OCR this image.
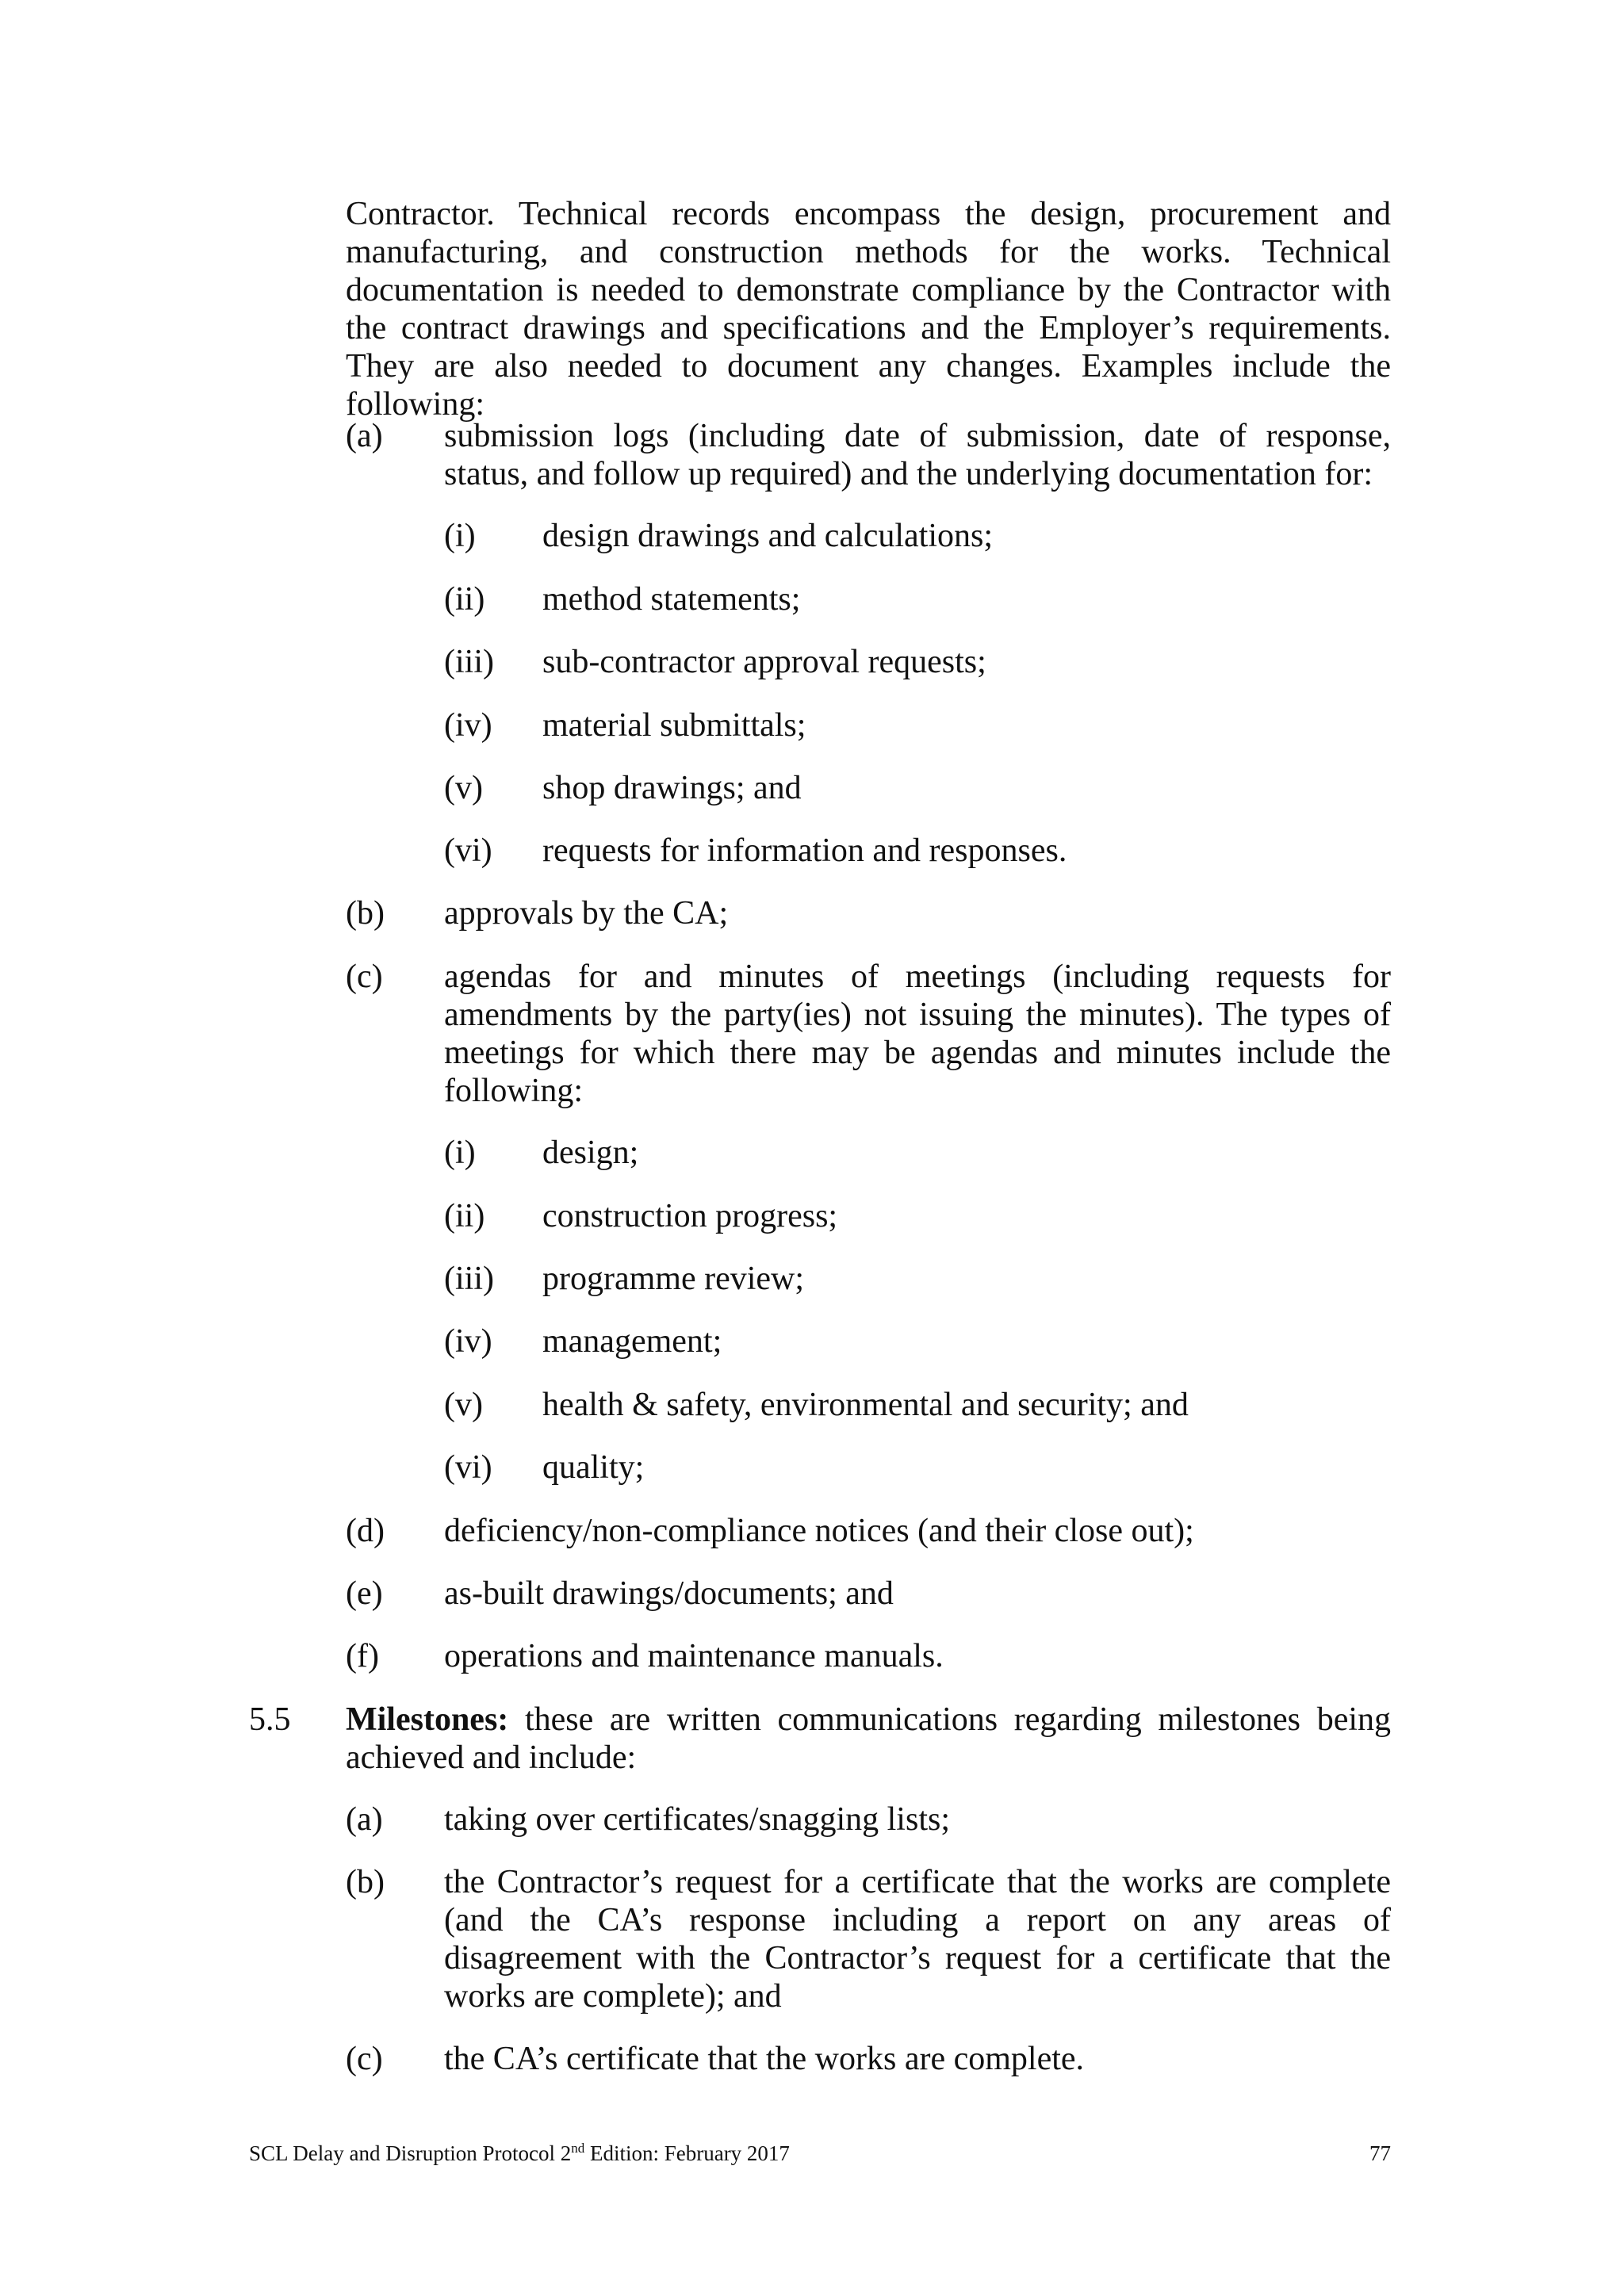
Contractor. Technical records encompass the design, procurement and manufacturing, and construction methods for the works. Technical documentation is needed to demonstrate compliance by the Contractor with the contract drawings and specifications and the Employer’s requirements. They are also needed to document any changes. Examples include the following:

(a) submission logs (including date of submission, date of response, status, and follow up required) and the underlying documentation for:
(i) design drawings and calculations;
(ii) method statements;
(iii) sub-contractor approval requests;
(iv) material submittals;
(v) shop drawings; and
(vi) requests for information and responses.
(b) approvals by the CA;
(c) agendas for and minutes of meetings (including requests for amendments by the party(ies) not issuing the minutes). The types of meetings for which there may be agendas and minutes include the following:
(i) design;
(ii) construction progress;
(iii) programme review;
(iv) management;
(v) health & safety, environmental and security; and
(vi) quality;
(d) deficiency/non-compliance notices (and their close out);
(e) as-built drawings/documents; and
(f) operations and maintenance manuals.
5.5 Milestones: these are written communications regarding milestones being achieved and include:

(a) taking over certificates/snagging lists;
(b) the Contractor’s request for a certificate that the works are complete (and the CA’s response including a report on any areas of disagreement with the Contractor’s request for a certificate that the works are complete); and
(c) the CA’s certificate that the works are complete.
SCL Delay and Disruption Protocol 2nd Edition: February 2017	77
